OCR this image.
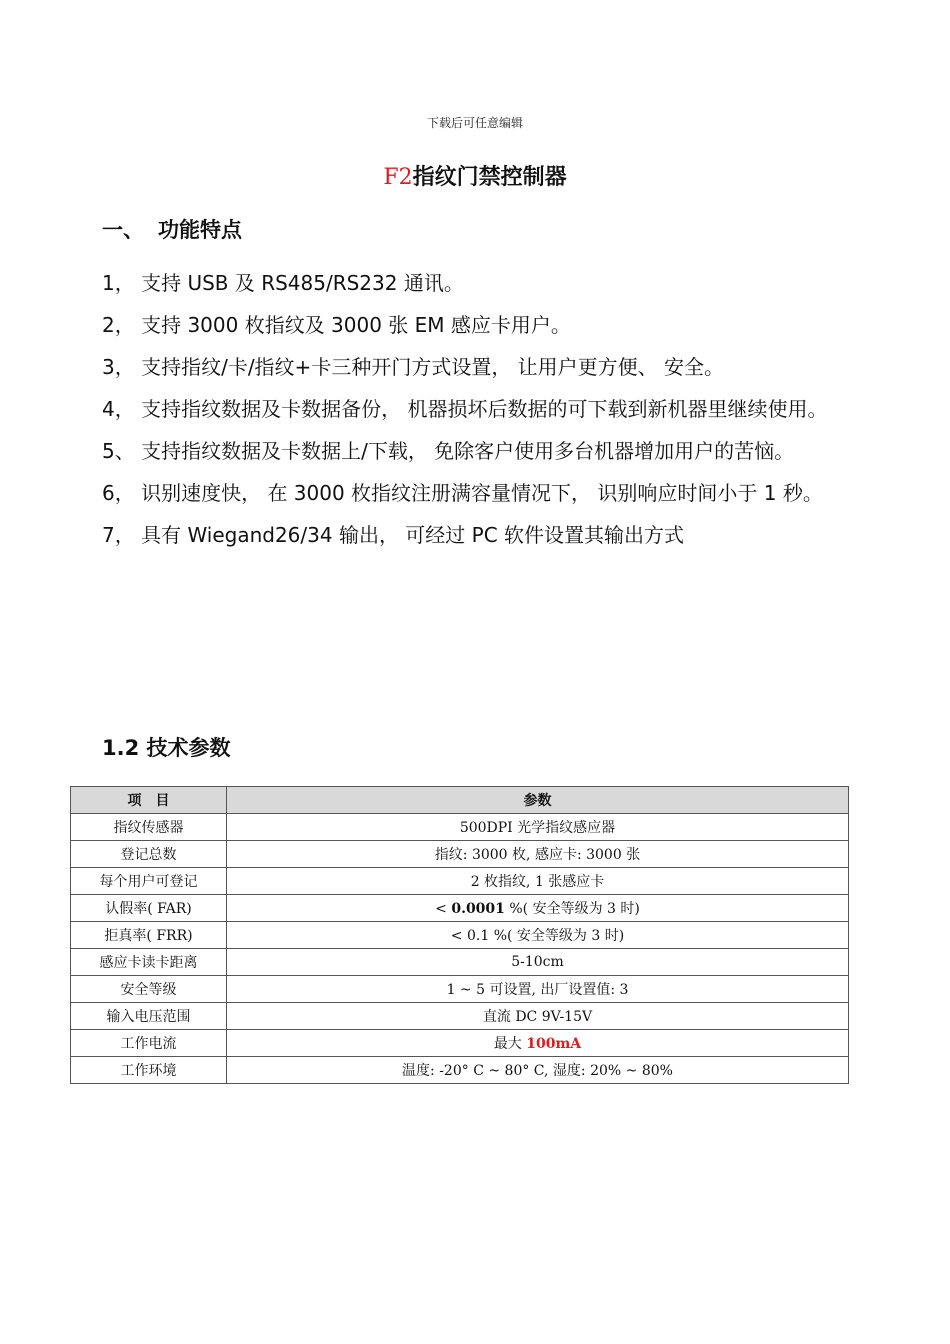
下载后可任意编辑
F2指纹门禁控制器
一、 功能特点
1， 支持 USB 及 RS485/RS232 通讯。
2， 支持 3000 枚指纹及 3000 张 EM 感应卡用户。
3， 支持指纹/卡/指纹+卡三种开门方式设置， 让用户更方便、 安全。
4， 支持指纹数据及卡数据备份， 机器损坏后数据的可下载到新机器里继续使用。
5、 支持指纹数据及卡数据上/下载， 免除客户使用多台机器增加用户的苦恼。
6， 识别速度快， 在 3000 枚指纹注册满容量情况下， 识别响应时间小于 1 秒。
7， 具有 Wiegand26/34 输出， 可经过 PC 软件设置其输出方式
1.2 技术参数
项　目	参数
指纹传感器	500DPI 光学指纹感应器
登记总数	指纹: 3000 枚, 感应卡: 3000 张
每个用户可登记	2 枚指纹, 1 张感应卡
认假率( FAR)	< 0.0001 %( 安全等级为 3 时)
拒真率( FRR)	< 0.1 %( 安全等级为 3 时)
感应卡读卡距离	5-10cm
安全等级	1 ~ 5 可设置, 出厂设置值: 3
输入电压范围	直流 DC 9V-15V
工作电流	最大 100mA
工作环境	温度: -20° C ~ 80° C, 湿度: 20% ~ 80%
